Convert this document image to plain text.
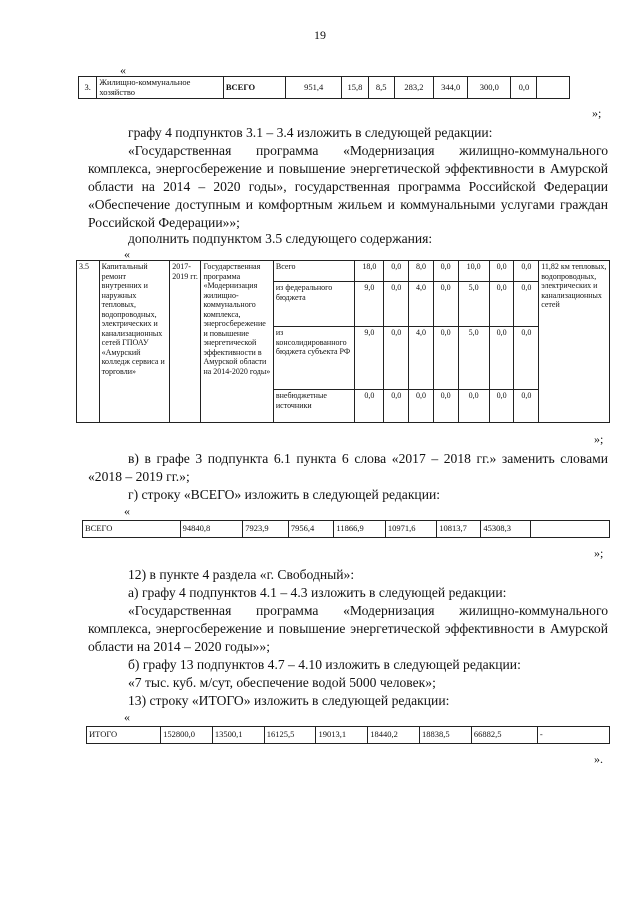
19
«
3.	Жилищно-коммунальное хозяйство	ВСЕГО	951,4	15,8	8,5	283,2	344,0	300,0	0,0	
»;
графу 4 подпунктов 3.1 – 3.4 изложить в следующей редакции:
«Государственная программа «Модернизация жилищно-коммунального комплекса, энергосбережение и повышение энергетической эффективности в Амурской области на 2014 – 2020 годы», государственная программа Российской Федерации «Обеспечение доступным и комфортным жильем и коммунальными услугами граждан Российской Федерации»»;
дополнить подпунктом 3.5 следующего содержания:
«
3.5	Капитальный ремонт внутренних и наружных тепловых, водопроводных, электрических и канализационных сетей ГПОАУ «Амурский колледж сервиса и торговли»	2017-2019 гг.	Государственная программа «Модернизация жилищно-коммунального комплекса, энергосбережение и повышение энергетической эффективности в Амурской области на 2014-2020 годы»	Всего	18,0	0,0	8,0	0,0	10,0	0,0	0,0	11,82 км тепловых, водопроводных, электрических и канализационных сетей
				из федерального бюджета	9,0	0,0	4,0	0,0	5,0	0,0	0,0	
				из консолидированного бюджета субъекта РФ	9,0	0,0	4,0	0,0	5,0	0,0	0,0	
				внебюджетные источники	0,0	0,0	0,0	0,0	0,0	0,0	0,0	
»;
в) в графе 3 подпункта 6.1 пункта 6 слова «2017 – 2018 гг.» заменить словами «2018 – 2019 гг.»;
г) строку «ВСЕГО» изложить в следующей редакции:
«
ВСЕГО	94840,8	7923,9	7956,4	11866,9	10971,6	10813,7	45308,3	
»;
12) в пункте 4 раздела «г. Свободный»:
а) графу 4 подпунктов 4.1 – 4.3 изложить в следующей редакции:
«Государственная программа «Модернизация жилищно-коммунального комплекса, энергосбережение и повышение энергетической эффективности в Амурской области на 2014 – 2020 годы»»;
б) графу 13 подпунктов 4.7 – 4.10 изложить в следующей редакции:
«7 тыс. куб. м/сут, обеспечение водой 5000 человек»;
13) строку «ИТОГО» изложить в следующей редакции:
«
ИТОГО	152800,0	13500,1	16125,5	19013,1	18440,2	18838,5	66882,5	-
».
